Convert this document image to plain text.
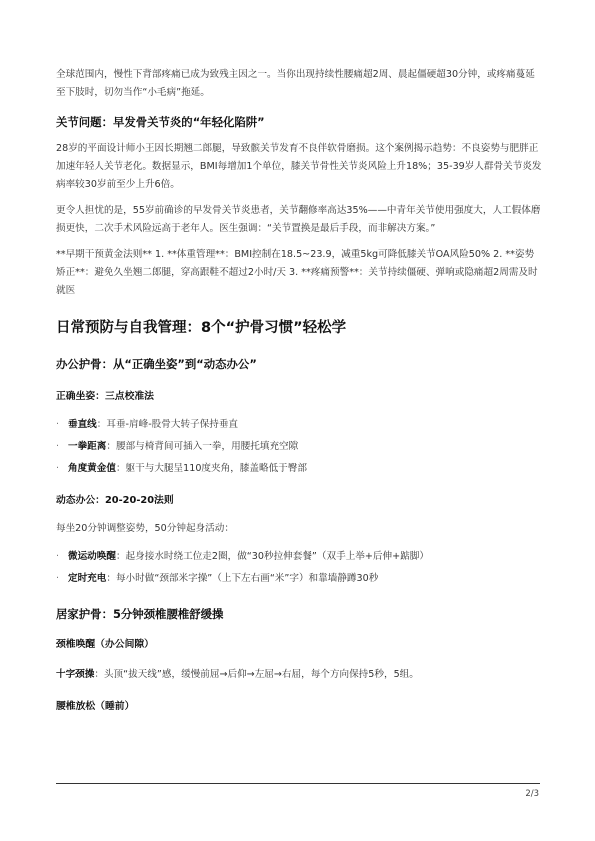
全球范围内，慢性下背部疼痛已成为致残主因之一。当你出现持续性腰痛超2周、晨起僵硬超30分钟，或疼痛蔓延至下肢时，切勿当作“小毛病”拖延。

关节问题：早发骨关节炎的“年轻化陷阱”

28岁的平面设计师小王因长期翘二郎腿，导致髌关节发育不良伴软骨磨损。这个案例揭示趋势：不良姿势与肥胖正加速年轻人关节老化。数据显示，BMI每增加1个单位，膝关节骨性关节炎风险上升18%；35-39岁人群骨关节炎发病率较30岁前至少上升6倍。

更令人担忧的是，55岁前确诊的早发骨关节炎患者，关节翻修率高达35%——中青年关节使用强度大，人工假体磨损更快，二次手术风险远高于老年人。医生强调：“关节置换是最后手段，而非解决方案。”

**早期干预黄金法则** 1. **体重管理**：BMI控制在18.5~23.9，减重5kg可降低膝关节OA风险50% 2. **姿势矫正**：避免久坐翘二郎腿，穿高跟鞋不超过2小时/天 3. **疼痛预警**：关节持续僵硬、弹响或隐痛超2周需及时就医

日常预防与自我管理：8个“护骨习惯”轻松学
办公护骨：从“正确坐姿”到“动态办公”
正确坐姿：三点校准法
· 垂直线：耳垂-肩峰-股骨大转子保持垂直
· 一拳距离：腰部与椅背间可插入一拳，用腰托填充空隙
· 角度黄金值：躯干与大腿呈110度夹角，膝盖略低于臀部
动态办公：20-20-20法则

每坐20分钟调整姿势，50分钟起身活动：

· 微运动唤醒：起身接水时绕工位走2圈，做“30秒拉伸套餐”（双手上举+后伸+踮脚）
· 定时充电：每小时做“颈部米字操”（上下左右画“米”字）和靠墙静蹲30秒
居家护骨：5分钟颈椎腰椎舒缓操
颈椎唤醒（办公间隙）

十字颈操：头顶“拔天线”感，缓慢前屈→后仰→左屈→右屈，每个方向保持5秒，5组。

腰椎放松（睡前）
2/3
